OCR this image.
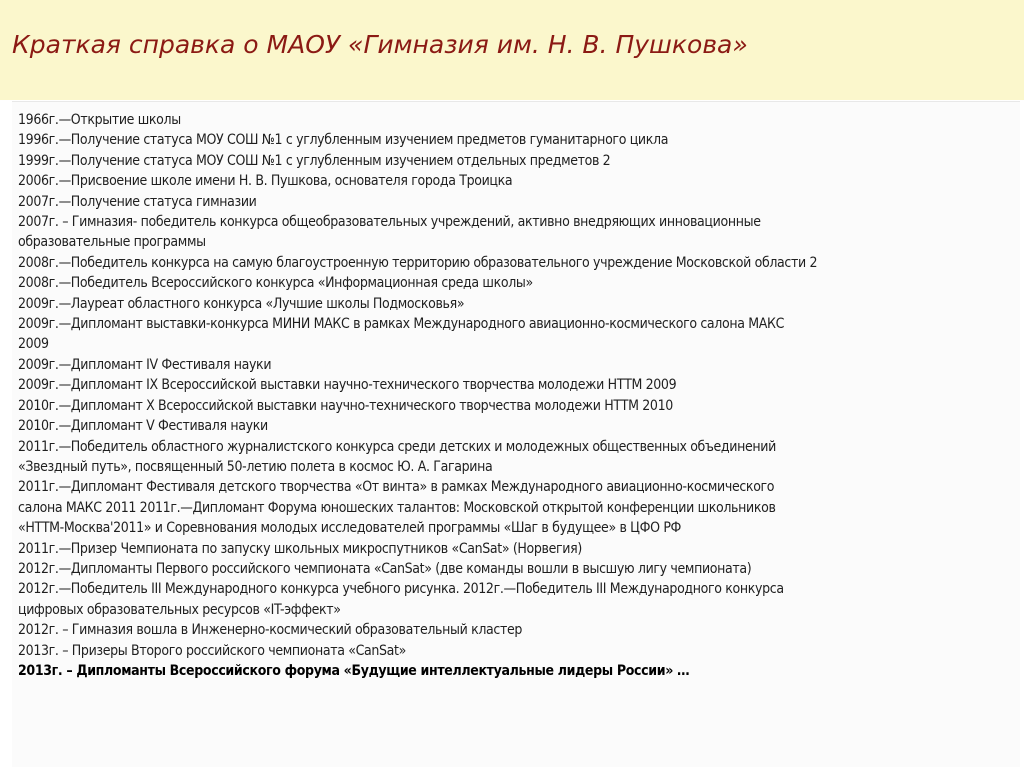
Краткая справка о МАОУ «Гимназия им. Н. В. Пушкова»
1966г.—Открытие школы
1996г.—Получение статуса МОУ СОШ №1 с углубленным изучением предметов гуманитарного цикла
1999г.—Получение статуса МОУ СОШ №1 с углубленным изучением отдельных предметов 2
2006г.—Присвоение школе имени Н. В. Пушкова, основателя города Троицка
2007г.—Получение статуса гимназии
2007г. – Гимназия- победитель конкурса общеобразовательных учреждений, активно внедряющих инновационные
образовательные программы
2008г.—Победитель конкурса на самую благоустроенную территорию образовательного учреждение Московской области 2
2008г.—Победитель Всероссийского конкурса «Информационная среда школы»
2009г.—Лауреат областного конкурса «Лучшие школы Подмосковья»
2009г.—Дипломант выставки-конкурса МИНИ МАКС в рамках Международного авиационно-космического салона МАКС
2009
2009г.—Дипломант IV Фестиваля науки
2009г.—Дипломант IX Всероссийской выставки научно-технического творчества молодежи НТТМ 2009
2010г.—Дипломант X Всероссийской выставки научно-технического творчества молодежи НТТМ 2010
2010г.—Дипломант V Фестиваля науки
2011г.—Победитель областного журналистского конкурса среди детских и молодежных общественных объединений
«Звездный путь», посвященный 50-летию полета в космос Ю. А. Гагарина
2011г.—Дипломант Фестиваля детского творчества «От винта» в рамках Международного авиационно-космического
салона МАКС 2011 2011г.—Дипломант Форума юношеских талантов: Московской открытой конференции школьников
«НТТМ-Москва'2011» и Соревнования молодых исследователей программы «Шаг в будущее» в ЦФО РФ
2011г.—Призер Чемпионата по запуску школьных микроспутников «CanSat» (Норвегия)
2012г.—Дипломанты Первого российского чемпионата «CanSat» (две команды вошли в высшую лигу чемпионата)
2012г.—Победитель III Международного конкурса учебного рисунка. 2012г.—Победитель III Международного конкурса
цифровых образовательных ресурсов «IT-эффект»
2012г. – Гимназия вошла в Инженерно-космический образовательный кластер
2013г. – Призеры Второго российского чемпионата «CanSat»
2013г. – Дипломанты Всероссийского форума «Будущие интеллектуальные лидеры России» …
